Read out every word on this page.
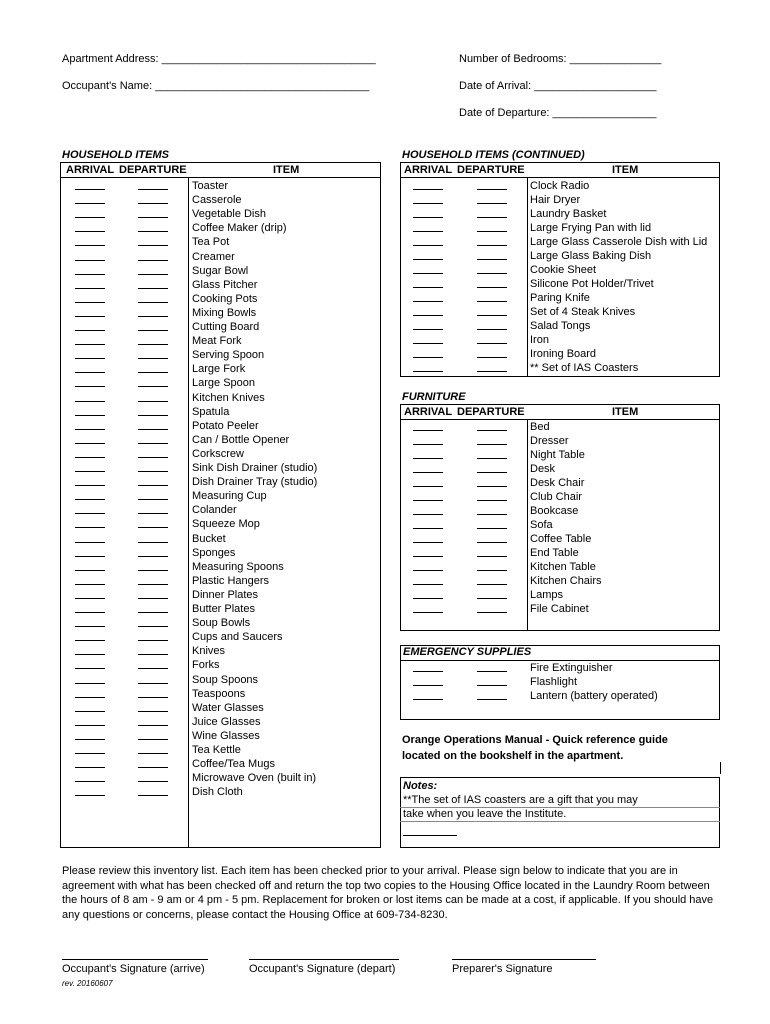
Apartment Address: ___________________________________
Occupant's Name: ___________________________________
Number of Bedrooms: _______________
Date of Arrival: ____________________
Date of Departure: _________________
HOUSEHOLD ITEMS
ARRIVAL DEPARTURE	ITEM
Toaster
Casserole
Vegetable Dish
Coffee Maker (drip)
Tea Pot
Creamer
Sugar Bowl
Glass Pitcher
Cooking Pots
Mixing Bowls
Cutting Board
Meat Fork
Serving Spoon
Large Fork
Large Spoon
Kitchen Knives
Spatula
Potato Peeler
Can / Bottle Opener
Corkscrew
Sink Dish Drainer (studio)
Dish Drainer Tray (studio)
Measuring Cup
Colander
Squeeze Mop
Bucket
Sponges
Measuring Spoons
Plastic Hangers
Dinner Plates
Butter Plates
Soup Bowls
Cups and Saucers
Knives
Forks
Soup Spoons
Teaspoons
Water Glasses
Juice Glasses
Wine Glasses
Tea Kettle
Coffee/Tea Mugs
Microwave Oven (built in)
Dish Cloth
HOUSEHOLD ITEMS (CONTINUED)
ARRIVAL DEPARTURE	ITEM
Clock Radio
Hair Dryer
Laundry Basket
Large Frying Pan with lid
Large Glass Casserole Dish with Lid
Large Glass Baking Dish
Cookie Sheet
Silicone Pot Holder/Trivet
Paring Knife
Set of 4 Steak Knives
Salad Tongs
Iron
Ironing Board
** Set of IAS Coasters
FURNITURE
ARRIVAL DEPARTURE	ITEM
Bed
Dresser
Night Table
Desk
Desk Chair
Club Chair
Bookcase
Sofa
Coffee Table
End Table
Kitchen Table
Kitchen Chairs
Lamps
File Cabinet
EMERGENCY SUPPLIES
Fire Extinguisher
Flashlight
Lantern (battery operated)
Orange Operations Manual - Quick reference guide
located on the bookshelf in the apartment.
Notes:
**The set of IAS coasters are a gift that you may
take when you leave the Institute.
Please review this inventory list. Each item has been checked prior to your arrival. Please sign below to indicate that you are in agreement with what has been checked off and return the top two copies to the Housing Office located in the Laundry Room between the hours of 8 am - 9 am or 4 pm - 5 pm. Replacement for broken or lost items can be made at a cost, if applicable. If you should have any questions or concerns, please contact the Housing Office at 609-734-8230.
Occupant's Signature (arrive)	Occupant's Signature (depart)	Preparer's Signature
rev. 20160607
